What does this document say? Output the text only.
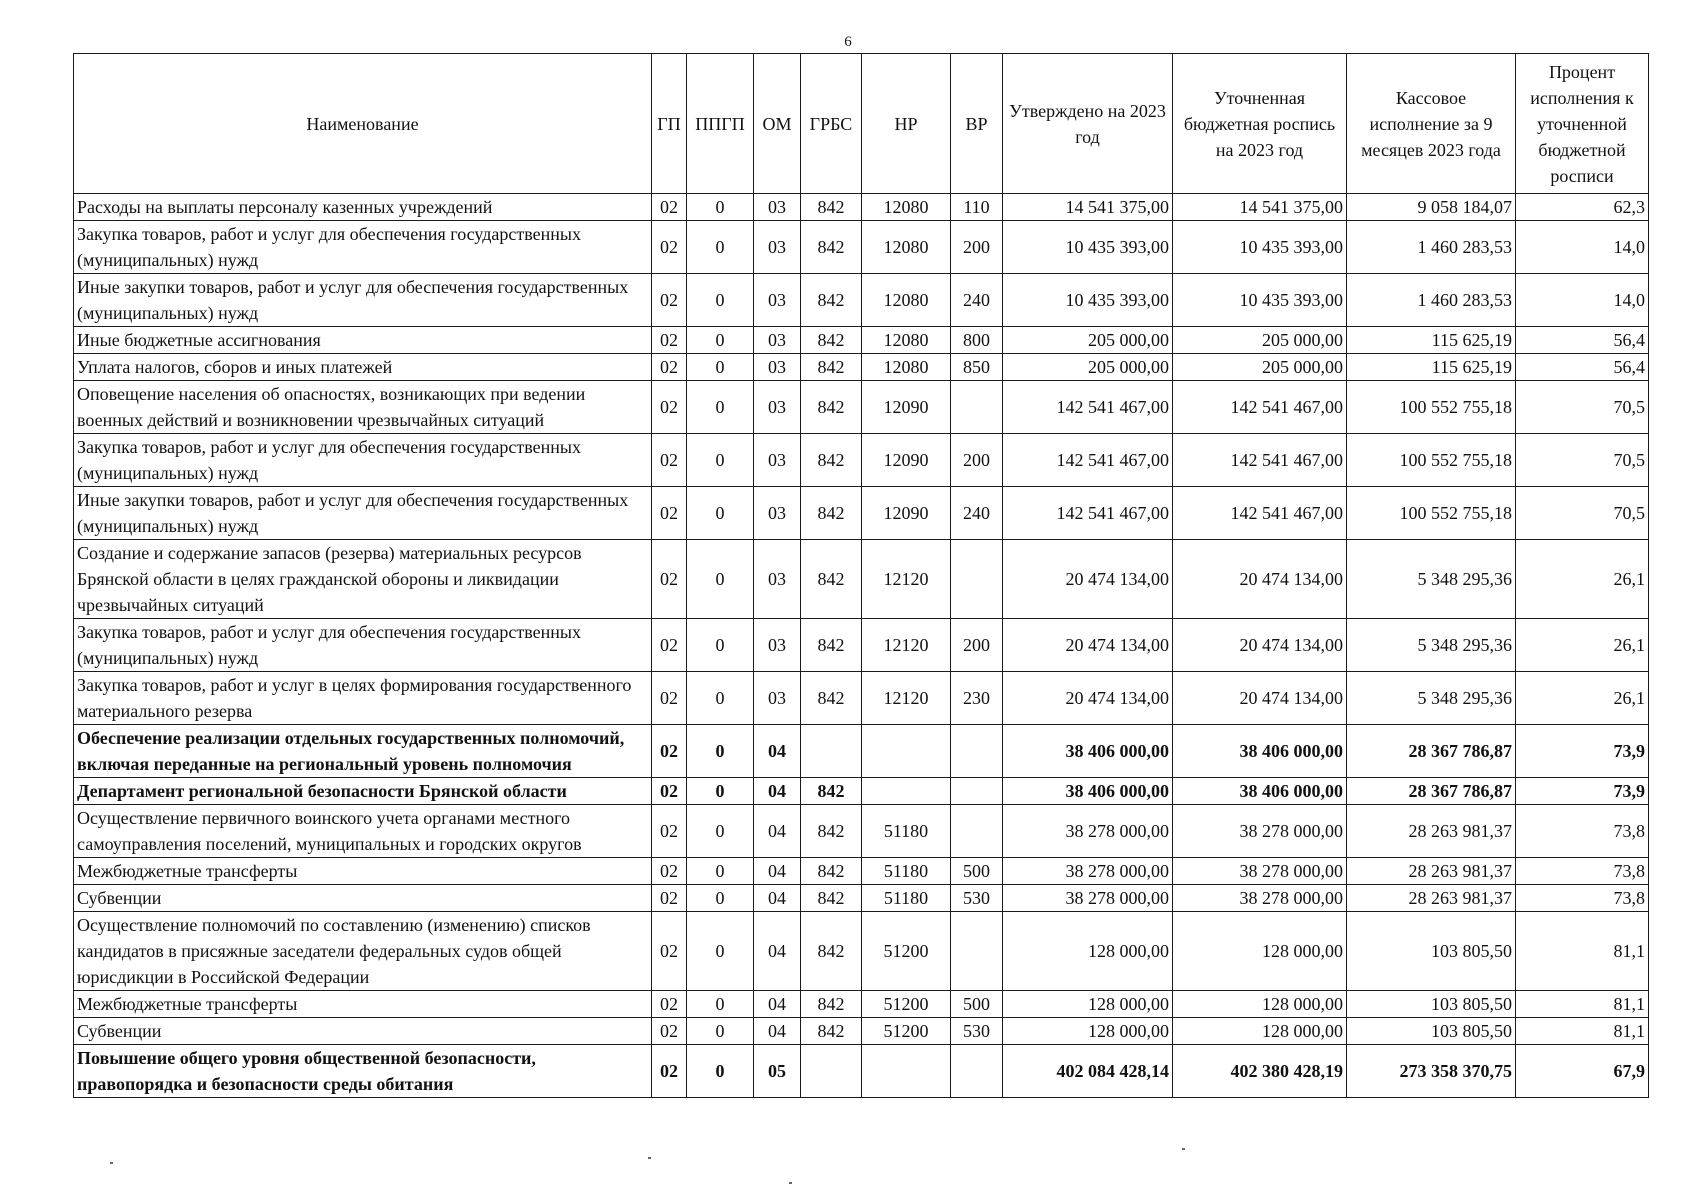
6
Наименование	ГП	ППГП	ОМ	ГРБС	НР	ВР	Утверждено на 2023 год	Уточненная бюджетная роспись на 2023 год	Кассовое исполнение за 9 месяцев 2023 года	Процент исполнения к уточненной бюджетной росписи
Расходы на выплаты персоналу казенных учреждений	02	0	03	842	12080	110	14 541 375,00	14 541 375,00	9 058 184,07	62,3
Закупка товаров, работ и услуг для обеспечения государственных (муниципальных) нужд	02	0	03	842	12080	200	10 435 393,00	10 435 393,00	1 460 283,53	14,0
Иные закупки товаров, работ и услуг для обеспечения государственных (муниципальных) нужд	02	0	03	842	12080	240	10 435 393,00	10 435 393,00	1 460 283,53	14,0
Иные бюджетные ассигнования	02	0	03	842	12080	800	205 000,00	205 000,00	115 625,19	56,4
Уплата налогов, сборов и иных платежей	02	0	03	842	12080	850	205 000,00	205 000,00	115 625,19	56,4
Оповещение населения об опасностях, возникающих при ведении военных действий и возникновении чрезвычайных ситуаций	02	0	03	842	12090		142 541 467,00	142 541 467,00	100 552 755,18	70,5
Закупка товаров, работ и услуг для обеспечения государственных (муниципальных) нужд	02	0	03	842	12090	200	142 541 467,00	142 541 467,00	100 552 755,18	70,5
Иные закупки товаров, работ и услуг для обеспечения государственных (муниципальных) нужд	02	0	03	842	12090	240	142 541 467,00	142 541 467,00	100 552 755,18	70,5
Создание и содержание запасов (резерва) материальных ресурсов Брянской области в целях гражданской обороны и ликвидации чрезвычайных ситуаций	02	0	03	842	12120		20 474 134,00	20 474 134,00	5 348 295,36	26,1
Закупка товаров, работ и услуг для обеспечения государственных (муниципальных) нужд	02	0	03	842	12120	200	20 474 134,00	20 474 134,00	5 348 295,36	26,1
Закупка товаров, работ и услуг в целях формирования государственного материального резерва	02	0	03	842	12120	230	20 474 134,00	20 474 134,00	5 348 295,36	26,1
Обеспечение реализации отдельных государственных полномочий, включая переданные на региональный уровень полномочия	02	0	04				38 406 000,00	38 406 000,00	28 367 786,87	73,9
Департамент региональной безопасности Брянской области	02	0	04	842			38 406 000,00	38 406 000,00	28 367 786,87	73,9
Осуществление первичного воинского учета органами местного самоуправления поселений, муниципальных и городских округов	02	0	04	842	51180		38 278 000,00	38 278 000,00	28 263 981,37	73,8
Межбюджетные трансферты	02	0	04	842	51180	500	38 278 000,00	38 278 000,00	28 263 981,37	73,8
Субвенции	02	0	04	842	51180	530	38 278 000,00	38 278 000,00	28 263 981,37	73,8
Осуществление полномочий по составлению (изменению) списков кандидатов в присяжные заседатели федеральных судов общей юрисдикции в Российской Федерации	02	0	04	842	51200		128 000,00	128 000,00	103 805,50	81,1
Межбюджетные трансферты	02	0	04	842	51200	500	128 000,00	128 000,00	103 805,50	81,1
Субвенции	02	0	04	842	51200	530	128 000,00	128 000,00	103 805,50	81,1
Повышение общего уровня общественной безопасности, правопорядка и безопасности среды обитания	02	0	05				402 084 428,14	402 380 428,19	273 358 370,75	67,9
